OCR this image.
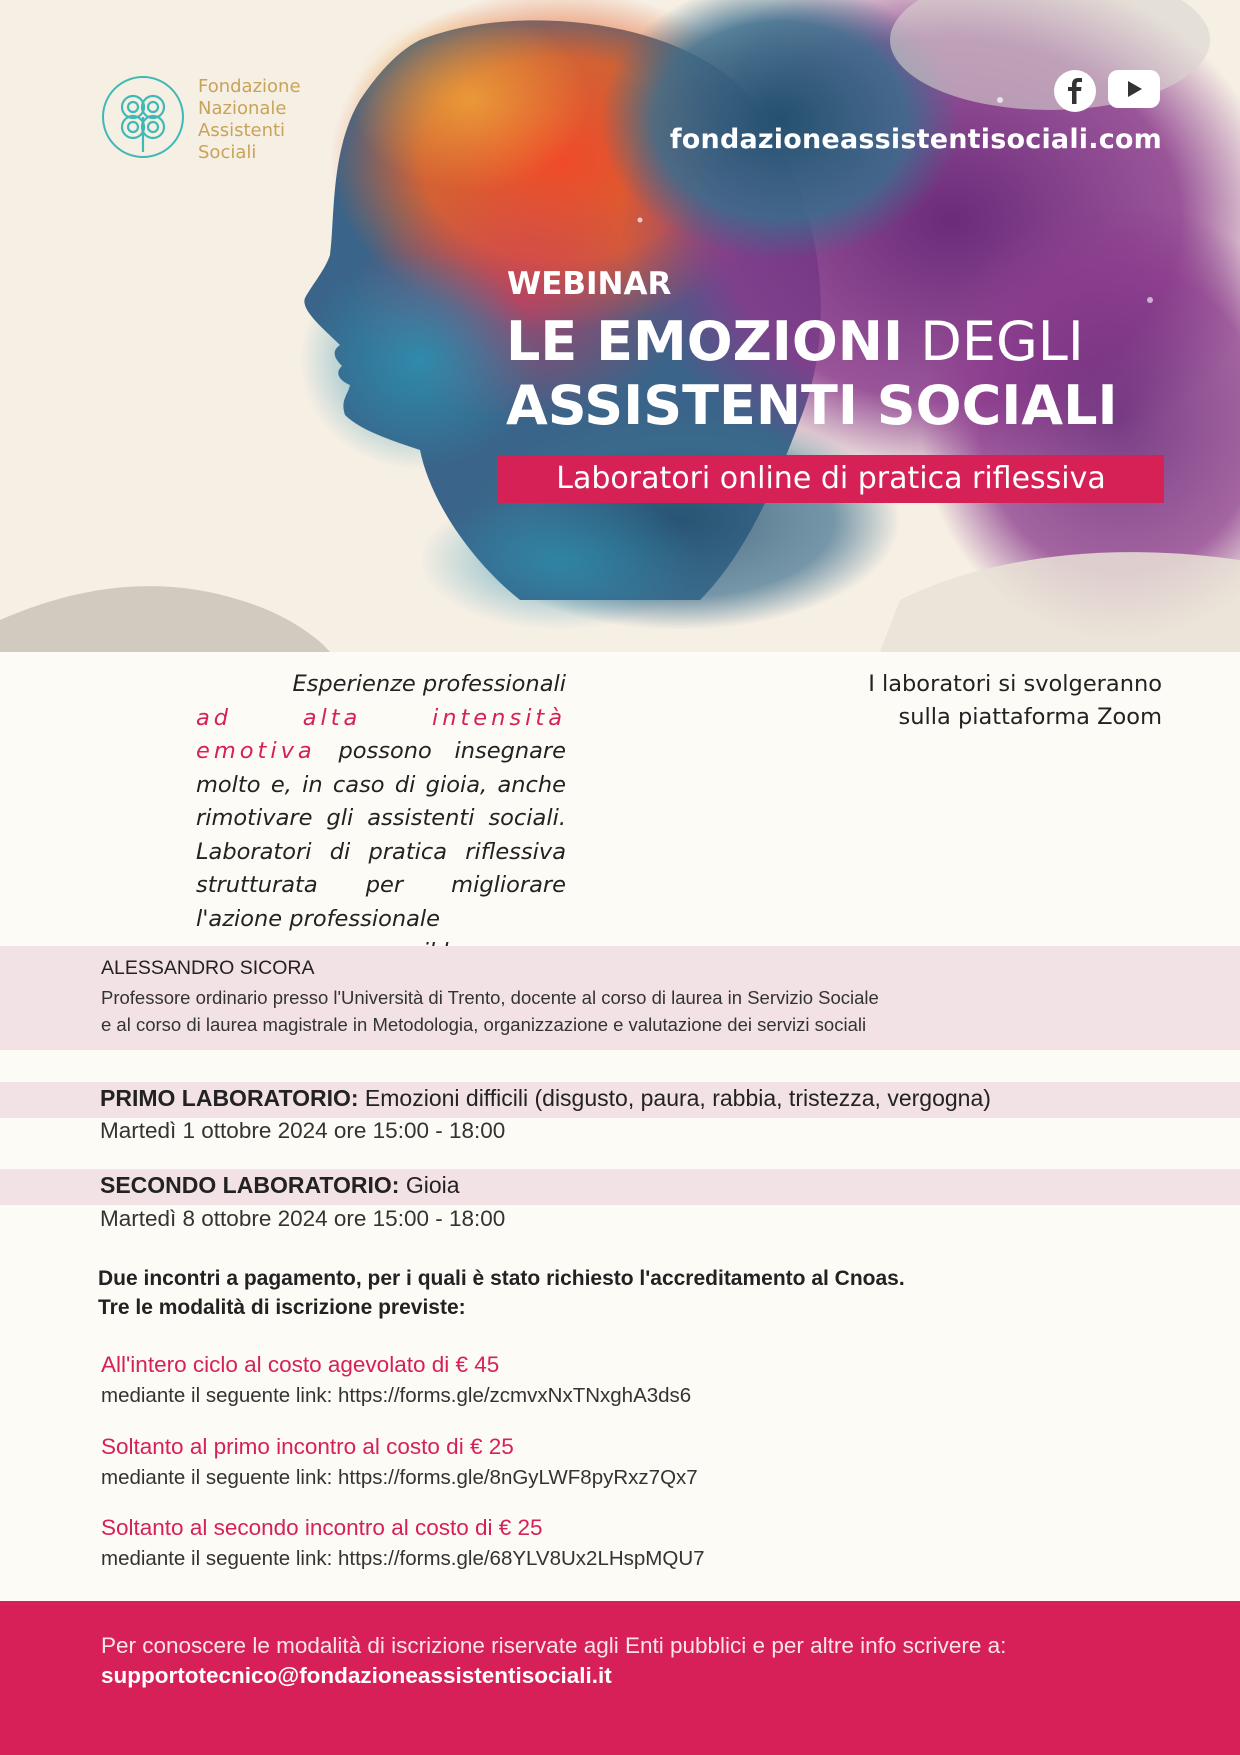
Fondazione
Nazionale
Assistenti
Sociali	fondazioneassistentisociali.com
WEBINAR
LE EMOZIONI DEGLI
ASSISTENTI SOCIALI
Laboratori online di pratica riflessiva
Esperienze professionali
ad alta intensità emotiva possono insegnare molto e, in caso di gioia, anche rimotivare gli assistenti sociali. Laboratori di pratica riflessiva strutturata per migliorare l'azione professionale
I laboratori si svolgeranno
sulla piattaforma Zoom
ALESSANDRO SICORA
Professore ordinario presso l'Università di Trento, docente al corso di laurea in Servizio Sociale
e al corso di laurea magistrale in Metodologia, organizzazione e valutazione dei servizi sociali
PRIMO LABORATORIO: Emozioni difficili (disgusto, paura, rabbia, tristezza, vergogna)
Martedì 1 ottobre 2024 ore 15:00 - 18:00
SECONDO LABORATORIO: Gioia
Martedì 8 ottobre 2024 ore 15:00 - 18:00
Due incontri a pagamento, per i quali è stato richiesto l'accreditamento al Cnoas.
Tre le modalità di iscrizione previste:
All'intero ciclo al costo agevolato di € 45
mediante il seguente link: https://forms.gle/zcmvxNxTNxghA3ds6
Soltanto al primo incontro al costo di € 25
mediante il seguente link: https://forms.gle/8nGyLWF8pyRxz7Qx7
Soltanto al secondo incontro al costo di € 25
mediante il seguente link: https://forms.gle/68YLV8Ux2LHspMQU7
Per conoscere le modalità di iscrizione riservate agli Enti pubblici e per altre info scrivere a:
supportotecnico@fondazioneassistentisociali.it
